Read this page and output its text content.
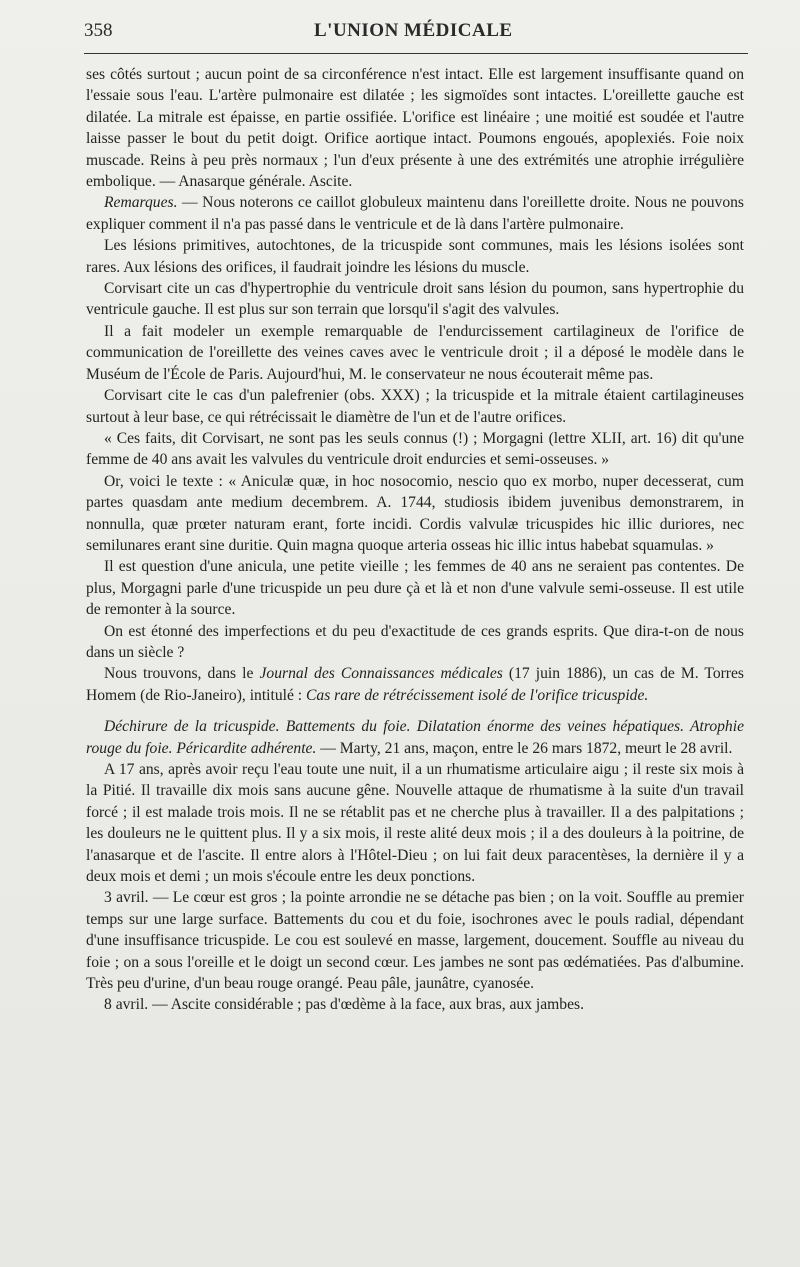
358	L'UNION MÉDICALE

ses côtés surtout ; aucun point de sa circonférence n'est intact. Elle est largement insuffisante quand on l'essaie sous l'eau. L'artère pulmonaire est dilatée ; les sigmoïdes sont intactes. L'oreillette gauche est dilatée. La mitrale est épaisse, en partie ossifiée. L'orifice est linéaire ; une moitié est soudée et l'autre laisse passer le bout du petit doigt. Orifice aortique intact. Poumons engoués, apoplexiés. Foie noix muscade. Reins à peu près normaux ; l'un d'eux présente à une des extrémités une atrophie irrégulière embolique. — Anasarque générale. Ascite.

Remarques. — Nous noterons ce caillot globuleux maintenu dans l'oreillette droite. Nous ne pouvons expliquer comment il n'a pas passé dans le ventricule et de là dans l'artère pulmonaire.

Les lésions primitives, autochtones, de la tricuspide sont communes, mais les lésions isolées sont rares. Aux lésions des orifices, il faudrait joindre les lésions du muscle.

Corvisart cite un cas d'hypertrophie du ventricule droit sans lésion du poumon, sans hypertrophie du ventricule gauche. Il est plus sur son terrain que lorsqu'il s'agit des valvules.

Il a fait modeler un exemple remarquable de l'endurcissement cartilagineux de l'orifice de communication de l'oreillette des veines caves avec le ventricule droit ; il a déposé le modèle dans le Muséum de l'École de Paris. Aujourd'hui, M. le conservateur ne nous écouterait même pas.

Corvisart cite le cas d'un palefrenier (obs. XXX) ; la tricuspide et la mitrale étaient cartilagineuses surtout à leur base, ce qui rétrécissait le diamètre de l'un et de l'autre orifices.

« Ces faits, dit Corvisart, ne sont pas les seuls connus (!) ; Morgagni (lettre XLII, art. 16) dit qu'une femme de 40 ans avait les valvules du ventricule droit endurcies et semi-osseuses. »

Or, voici le texte : « Aniculæ quæ, in hoc nosocomio, nescio quo ex morbo, nuper decesserat, cum partes quasdam ante medium decembrem. A. 1744, studiosis ibidem juvenibus demonstrarem, in nonnulla, quæ prœter naturam erant, forte incidi. Cordis valvulæ tricuspides hic illic duriores, nec semilunares erant sine duritie. Quin magna quoque arteria osseas hic illic intus habebat squamulas. »

Il est question d'une anicula, une petite vieille ; les femmes de 40 ans ne seraient pas contentes. De plus, Morgagni parle d'une tricuspide un peu dure çà et là et non d'une valvule semi-osseuse. Il est utile de remonter à la source.

On est étonné des imperfections et du peu d'exactitude de ces grands esprits. Que dira-t-on de nous dans un siècle ?

Nous trouvons, dans le Journal des Connaissances médicales (17 juin 1886), un cas de M. Torres Homem (de Rio-Janeiro), intitulé : Cas rare de rétrécissement isolé de l'orifice tricuspide.

Déchirure de la tricuspide. Battements du foie. Dilatation énorme des veines hépatiques. Atrophie rouge du foie. Péricardite adhérente. — Marty, 21 ans, maçon, entre le 26 mars 1872, meurt le 28 avril.

A 17 ans, après avoir reçu l'eau toute une nuit, il a un rhumatisme articulaire aigu ; il reste six mois à la Pitié. Il travaille dix mois sans aucune gêne. Nouvelle attaque de rhumatisme à la suite d'un travail forcé ; il est malade trois mois. Il ne se rétablit pas et ne cherche plus à travailler. Il a des palpitations ; les douleurs ne le quittent plus. Il y a six mois, il reste alité deux mois ; il a des douleurs à la poitrine, de l'anasarque et de l'ascite. Il entre alors à l'Hôtel-Dieu ; on lui fait deux paracentèses, la dernière il y a deux mois et demi ; un mois s'écoule entre les deux ponctions.

3 avril. — Le cœur est gros ; la pointe arrondie ne se détache pas bien ; on la voit. Souffle au premier temps sur une large surface. Battements du cou et du foie, isochrones avec le pouls radial, dépendant d'une insuffisance tricuspide. Le cou est soulevé en masse, largement, doucement. Souffle au niveau du foie ; on a sous l'oreille et le doigt un second cœur. Les jambes ne sont pas œdématiées. Pas d'albumine. Très peu d'urine, d'un beau rouge orangé. Peau pâle, jaunâtre, cyanosée.

8 avril. — Ascite considérable ; pas d'œdème à la face, aux bras, aux jambes.
